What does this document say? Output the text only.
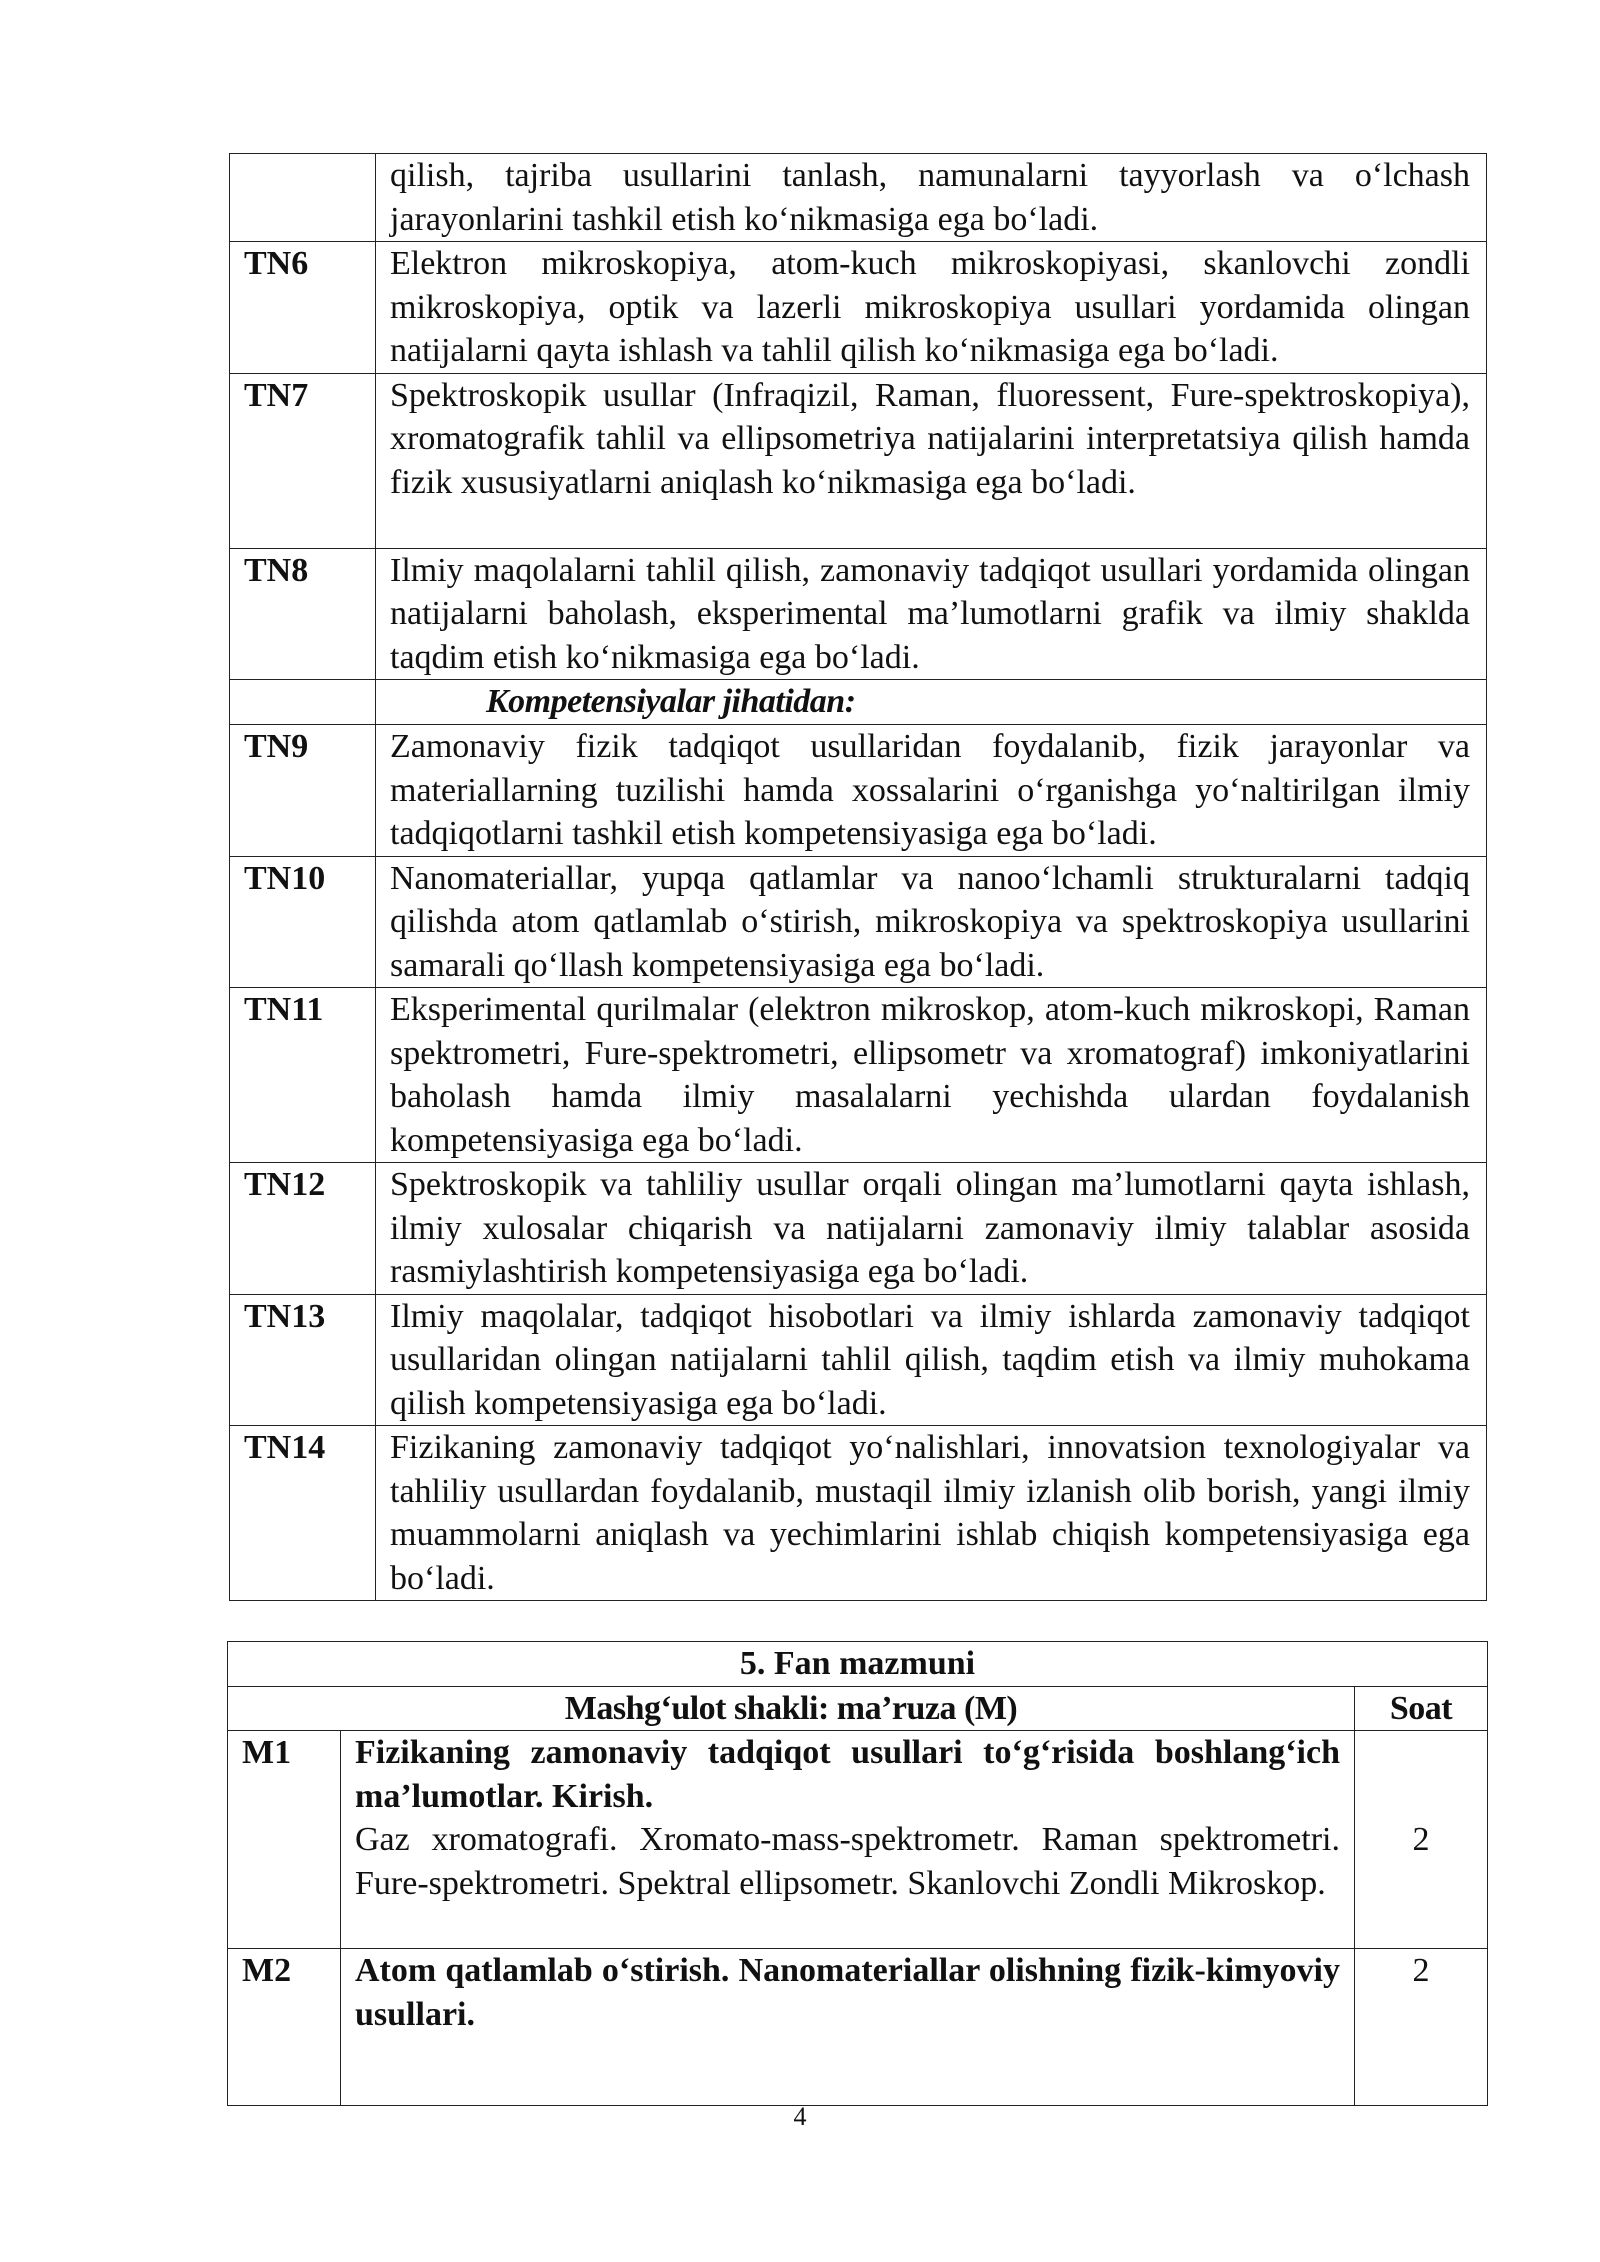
	qilish, tajriba usullarini tanlash, namunalarni tayyorlash va o‘lchash jarayonlarini tashkil etish ko‘nikmasiga ega bo‘ladi.
TN6	Elektron mikroskopiya, atom-kuch mikroskopiyasi, skanlovchi zondli mikroskopiya, optik va lazerli mikroskopiya usullari yordamida olingan natijalarni qayta ishlash va tahlil qilish ko‘nikmasiga ega bo‘ladi.
TN7	Spektroskopik usullar (Infraqizil, Raman, fluoressent, Fure-spektroskopiya), xromatografik tahlil va ellipsometriya natijalarini interpretatsiya qilish hamda fizik xususiyatlarni aniqlash ko‘nikmasiga ega bo‘ladi.
TN8	Ilmiy maqolalarni tahlil qilish, zamonaviy tadqiqot usullari yordamida olingan natijalarni baholash, eksperimental ma’lumotlarni grafik va ilmiy shaklda taqdim etish ko‘nikmasiga ega bo‘ladi.
	Kompetensiyalar jihatidan:
TN9	Zamonaviy fizik tadqiqot usullaridan foydalanib, fizik jarayonlar va materiallarning tuzilishi hamda xossalarini o‘rganishga yo‘naltirilgan ilmiy tadqiqotlarni tashkil etish kompetensiyasiga ega bo‘ladi.
TN10	Nanomateriallar, yupqa qatlamlar va nanoo‘lchamli strukturalarni tadqiq qilishda atom qatlamlab o‘stirish, mikroskopiya va spektroskopiya usullarini samarali qo‘llash kompetensiyasiga ega bo‘ladi.
TN11	Eksperimental qurilmalar (elektron mikroskop, atom-kuch mikroskopi, Raman spektrometri, Fure-spektrometri, ellipsometr va xromatograf) imkoniyatlarini baholash hamda ilmiy masalalarni yechishda ulardan foydalanish kompetensiyasiga ega bo‘ladi.
TN12	Spektroskopik va tahliliy usullar orqali olingan ma’lumotlarni qayta ishlash, ilmiy xulosalar chiqarish va natijalarni zamonaviy ilmiy talablar asosida rasmiylashtirish kompetensiyasiga ega bo‘ladi.
TN13	Ilmiy maqolalar, tadqiqot hisobotlari va ilmiy ishlarda zamonaviy tadqiqot usullaridan olingan natijalarni tahlil qilish, taqdim etish va ilmiy muhokama qilish kompetensiyasiga ega bo‘ladi.
TN14	Fizikaning zamonaviy tadqiqot yo‘nalishlari, innovatsion texnologiyalar va tahliliy usullardan foydalanib, mustaqil ilmiy izlanish olib borish, yangi ilmiy muammolarni aniqlash va yechimlarini ishlab chiqish kompetensiyasiga ega bo‘ladi.
5. Fan mazmuni		
Mashg‘ulot shakli: ma’ruza (M)		Soat
M1	Fizikaning zamonaviy tadqiqot usullari to‘g‘risida boshlang‘ich ma’lumotlar. Kirish.
Gaz xromatografi. Xromato-mass-spektrometr. Raman spektrometri. Fure-spektrometri. Spektral ellipsometr. Skanlovchi Zondli Mikroskop.	2
M2	Atom qatlamlab o‘stirish. Nanomateriallar olishning fizik-kimyoviy usullari.	2
4
